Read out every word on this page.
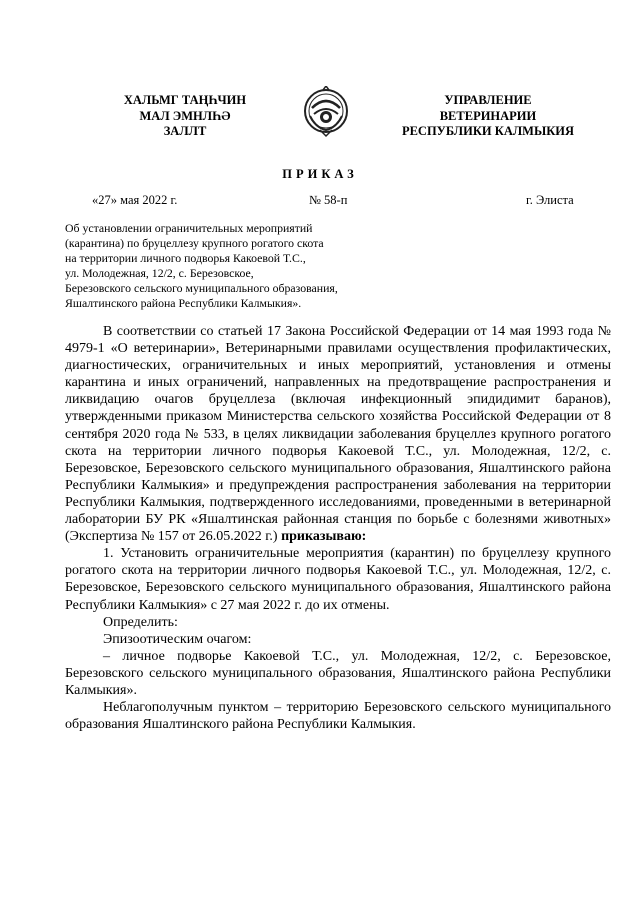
ХАЛЬМГ ТАҢҺЧИН
МАЛ ЭМНЛҺӘ
ЗАЛЛТ
УПРАВЛЕНИЕ
ВЕТЕРИНАРИИ
РЕСПУБЛИКИ КАЛМЫКИЯ
ПРИКАЗ
«27» мая 2022 г.	№ 58-п	г. Элиста
Об установлении ограничительных мероприятий
(карантина) по бруцеллезу крупного рогатого скота
на территории личного подворья Какоевой Т.С.,
ул. Молодежная, 12/2, с. Березовское,
Березовского сельского муниципального образования,
Яшалтинского района Республики Калмыкия».

В соответствии со статьей 17 Закона Российской Федерации от 14 мая 1993 года № 4979-1 «О ветеринарии», Ветеринарными правилами осуществления профилактических, диагностических, ограничительных и иных мероприятий, установления и отмены карантина и иных ограничений, направленных на предотвращение распространения и ликвидацию очагов бруцеллеза (включая инфекционный эпидидимит баранов), утвержденными приказом Министерства сельского хозяйства Российской Федерации от 8 сентября 2020 года № 533, в целях ликвидации заболевания бруцеллез крупного рогатого скота на территории личного подворья Какоевой Т.С., ул. Молодежная, 12/2, с. Березовское, Березовского сельского муниципального образования, Яшалтинского района Республики Калмыкия» и предупреждения распространения заболевания на территории Республики Калмыкия, подтвержденного исследованиями, проведенными в ветеринарной лаборатории БУ РК «Яшалтинская районная станция по борьбе с болезнями животных» (Экспертиза № 157 от 26.05.2022 г.) приказываю:

1. Установить ограничительные мероприятия (карантин) по бруцеллезу крупного рогатого скота на территории личного подворья Какоевой Т.С., ул. Молодежная, 12/2, с. Березовское, Березовского сельского муниципального образования, Яшалтинского района Республики Калмыкия» с 27 мая 2022 г. до их отмены.

Определить:

Эпизоотическим очагом:

– личное подворье Какоевой Т.С., ул. Молодежная, 12/2, с. Березовское, Березовского сельского муниципального образования, Яшалтинского района Республики Калмыкия».

Неблагополучным пунктом – территорию Березовского сельского муниципального образования Яшалтинского района Республики Калмыкия.
